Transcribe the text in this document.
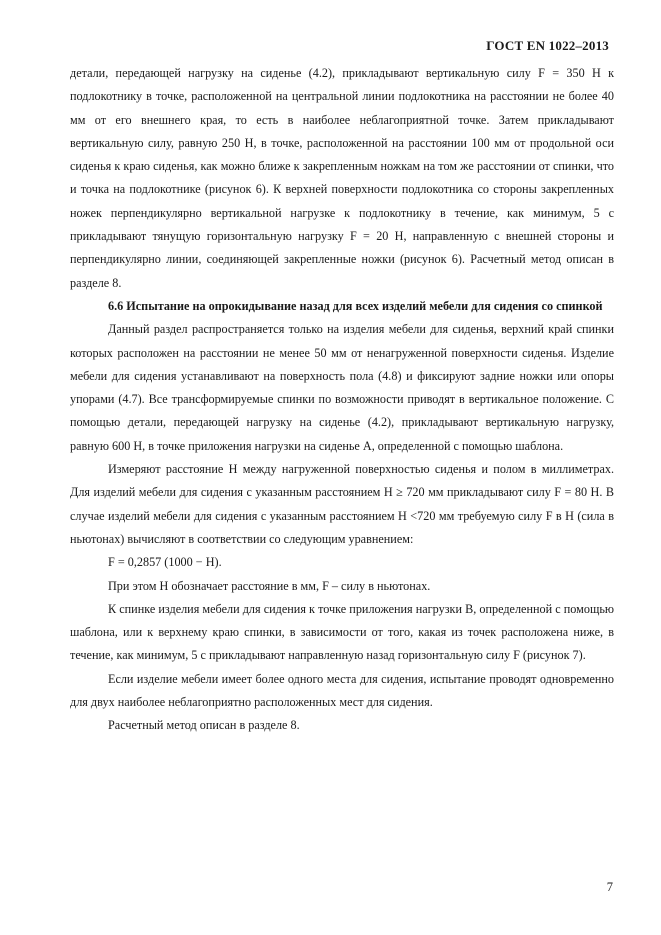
ГОСТ EN 1022–2013

детали, передающей нагрузку на сиденье (4.2), прикладывают вертикальную силу F = 350 Н к подлокотнику в точке, расположенной на центральной линии подлокотника на расстоянии не более 40 мм от его внешнего края, то есть в наиболее неблагоприятной точке. Затем прикладывают вертикальную силу, равную 250 Н, в точке, расположенной на расстоянии 100 мм от продольной оси сиденья к краю сиденья, как можно ближе к закрепленным ножкам на том же расстоянии от спинки, что и точка на подлокотнике (рисунок 6). К верхней поверхности подлокотника со стороны закрепленных ножек перпендикулярно вертикальной нагрузке к подлокотнику в течение, как минимум, 5 с прикладывают тянущую горизонтальную нагрузку F = 20 Н, направленную с внешней стороны и перпендикулярно линии, соединяющей закрепленные ножки (рисунок 6). Расчетный метод описан в разделе 8.

6.6 Испытание на опрокидывание назад для всех изделий мебели для сидения со спинкой

Данный раздел распространяется только на изделия мебели для сиденья, верхний край спинки которых расположен на расстоянии не менее 50 мм от ненагруженной поверхности сиденья. Изделие мебели для сидения устанавливают на поверхность пола (4.8) и фиксируют задние ножки или опоры упорами (4.7). Все трансформируемые спинки по возможности приводят в вертикальное положение. С помощью детали, передающей нагрузку на сиденье (4.2), прикладывают вертикальную нагрузку, равную 600 Н, в точке приложения нагрузки на сиденье А, определенной с помощью шаблона.

Измеряют расстояние Н между нагруженной поверхностью сиденья и полом в миллиметрах. Для изделий мебели для сидения с указанным расстоянием Н ≥ 720 мм прикладывают силу F = 80 Н. В случае изделий мебели для сидения с указанным расстоянием Н <720 мм требуемую силу F в Н (сила в ньютонах) вычисляют в соответствии со следующим уравнением:

F = 0,2857 (1000 − Н).

При этом Н обозначает расстояние в мм, F – силу в ньютонах.

К спинке изделия мебели для сидения к точке приложения нагрузки В, определенной с помощью шаблона, или к верхнему краю спинки, в зависимости от того, какая из точек расположена ниже, в течение, как минимум, 5 с прикладывают направленную назад горизонтальную силу F (рисунок 7).

Если изделие мебели имеет более одного места для сидения, испытание проводят одновременно для двух наиболее неблагоприятно расположенных мест для сидения.

Расчетный метод описан в разделе 8.

7
